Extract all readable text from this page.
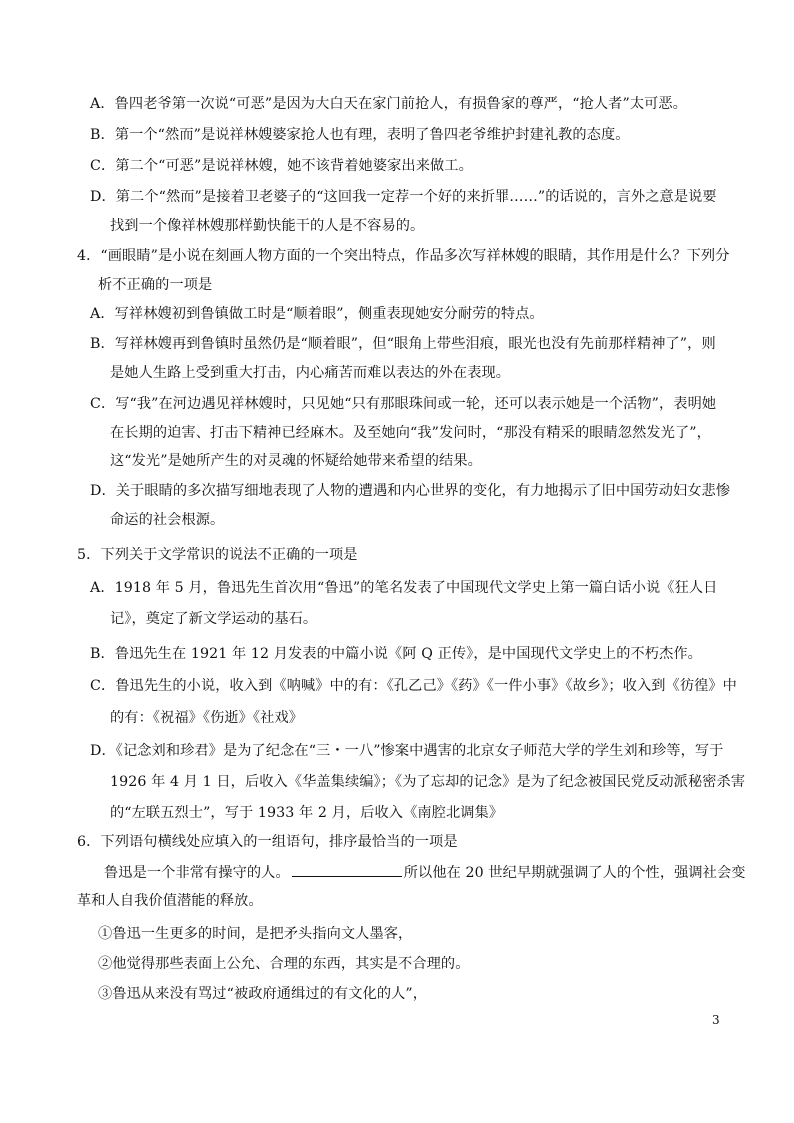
A．鲁四老爷第一次说“可恶”是因为大白天在家门前抢人，有损鲁家的尊严，“抢人者”太可恶。
B．第一个“然而”是说祥林嫂婆家抢人也有理，表明了鲁四老爷维护封建礼教的态度。
C．第二个“可恶”是说祥林嫂，她不该背着她婆家出来做工。
D．第二个“然而”是接着卫老婆子的“这回我一定荐一个好的来折罪……”的话说的，言外之意是说要
找到一个像祥林嫂那样勤快能干的人是不容易的。
4．“画眼睛”是小说在刻画人物方面的一个突出特点，作品多次写祥林嫂的眼睛，其作用是什么？下列分
析不正确的一项是
A．写祥林嫂初到鲁镇做工时是“顺着眼”，侧重表现她安分耐劳的特点。
B．写祥林嫂再到鲁镇时虽然仍是“顺着眼”，但“眼角上带些泪痕，眼光也没有先前那样精神了”，则
是她人生路上受到重大打击，内心痛苦而难以表达的外在表现。
C．写“我”在河边遇见祥林嫂时，只见她“只有那眼珠间或一轮，还可以表示她是一个活物”，表明她
在长期的迫害、打击下精神已经麻木。及至她向“我”发问时，“那没有精采的眼睛忽然发光了”，
这“发光”是她所产生的对灵魂的怀疑给她带来希望的结果。
D．关于眼睛的多次描写细地表现了人物的遭遇和内心世界的变化，有力地揭示了旧中国劳动妇女悲惨
命运的社会根源。
5．下列关于文学常识的说法不正确的一项是
A．1918 年 5 月，鲁迅先生首次用“鲁迅”的笔名发表了中国现代文学史上第一篇白话小说《狂人日
记》，奠定了新文学运动的基石。
B．鲁迅先生在 1921 年 12 月发表的中篇小说《阿 Q 正传》，是中国现代文学史上的不朽杰作。
C．鲁迅先生的小说，收入到《呐喊》中的有：《孔乙己》《药》《一件小事》《故乡》；收入到《彷徨》中
的有：《祝福》《伤逝》《社戏》
D．《记念刘和珍君》是为了纪念在“三・一八”惨案中遇害的北京女子师范大学的学生刘和珍等，写于
1926 年 4 月 1 日，后收入《华盖集续编》；《为了忘却的记念》是为了纪念被国民党反动派秘密杀害
的“左联五烈士”，写于 1933 年 2 月，后收入《南腔北调集》
6．下列语句横线处应填入的一组语句，排序最恰当的一项是
鲁迅是一个非常有操守的人。	所以他在 20 世纪早期就强调了人的个性，强调社会变
革和人自我价值潜能的释放。
①鲁迅一生更多的时间，是把矛头指向文人墨客，
②他觉得那些表面上公允、合理的东西，其实是不合理的。
③鲁迅从来没有骂过“被政府通缉过的有文化的人”，
3
